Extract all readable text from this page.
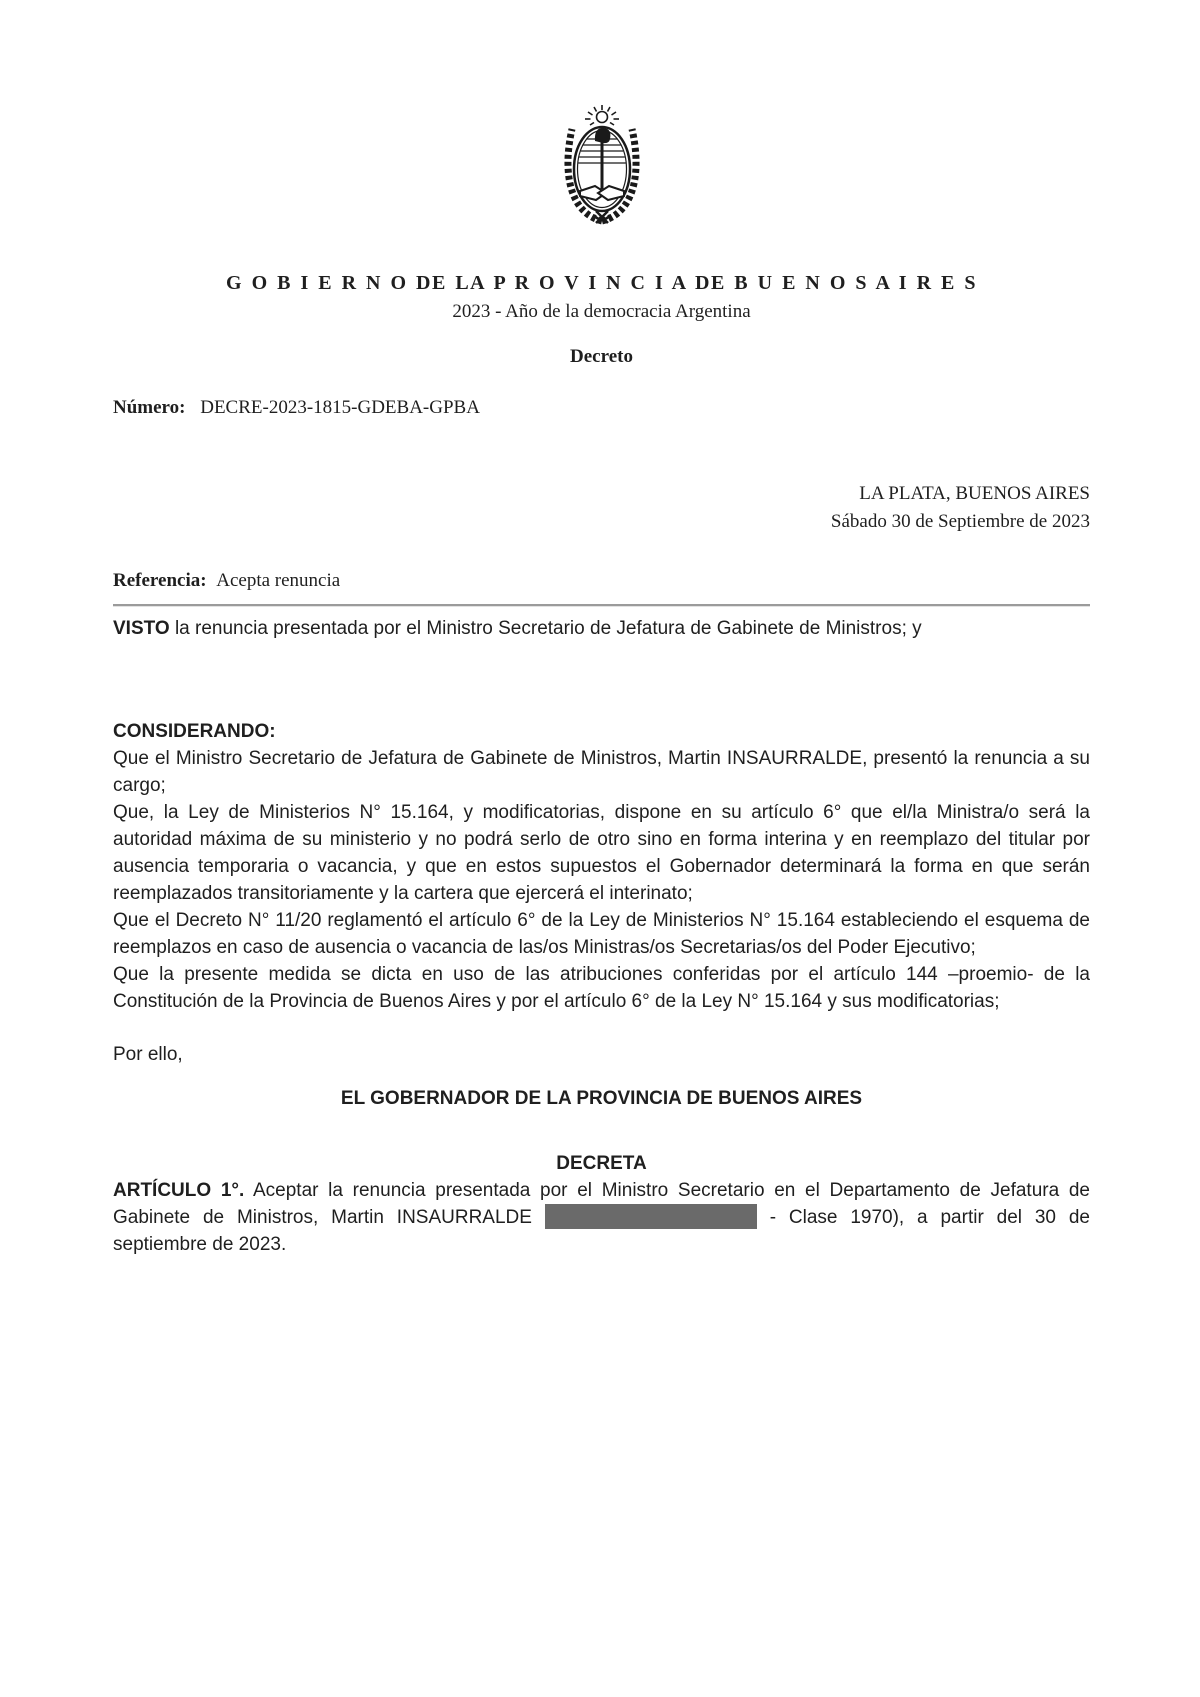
G O B I E R N O DE LA P R O V I N C I A DE B U E N O S A I R E S
2023 - Año de la democracia Argentina
Decreto
Número: DECRE-2023-1815-GDEBA-GPBA
LA PLATA, BUENOS AIRES
Sábado 30 de Septiembre de 2023
Referencia: Acepta renuncia

VISTO la renuncia presentada por el Ministro Secretario de Jefatura de Gabinete de Ministros; y

CONSIDERANDO:

Que el Ministro Secretario de Jefatura de Gabinete de Ministros, Martin INSAURRALDE, presentó la renuncia a su cargo;

Que, la Ley de Ministerios N° 15.164, y modificatorias, dispone en su artículo 6° que el/la Ministra/o será la autoridad máxima de su ministerio y no podrá serlo de otro sino en forma interina y en reemplazo del titular por ausencia temporaria o vacancia, y que en estos supuestos el Gobernador determinará la forma en que serán reemplazados transitoriamente y la cartera que ejercerá el interinato;

Que el Decreto N° 11/20 reglamentó el artículo 6° de la Ley de Ministerios N° 15.164 estableciendo el esquema de reemplazos en caso de ausencia o vacancia de las/os Ministras/os Secretarias/os del Poder Ejecutivo;

Que la presente medida se dicta en uso de las atribuciones conferidas por el artículo 144 –proemio- de la Constitución de la Provincia de Buenos Aires y por el artículo 6° de la Ley N° 15.164 y sus modificatorias;

Por ello,
EL GOBERNADOR DE LA PROVINCIA DE BUENOS AIRES
DECRETA

ARTÍCULO 1°. Aceptar la renuncia presentada por el Ministro Secretario en el Departamento de Jefatura de Gabinete de Ministros, Martin INSAURRALDE	- Clase 1970), a partir del 30 de septiembre de 2023.
